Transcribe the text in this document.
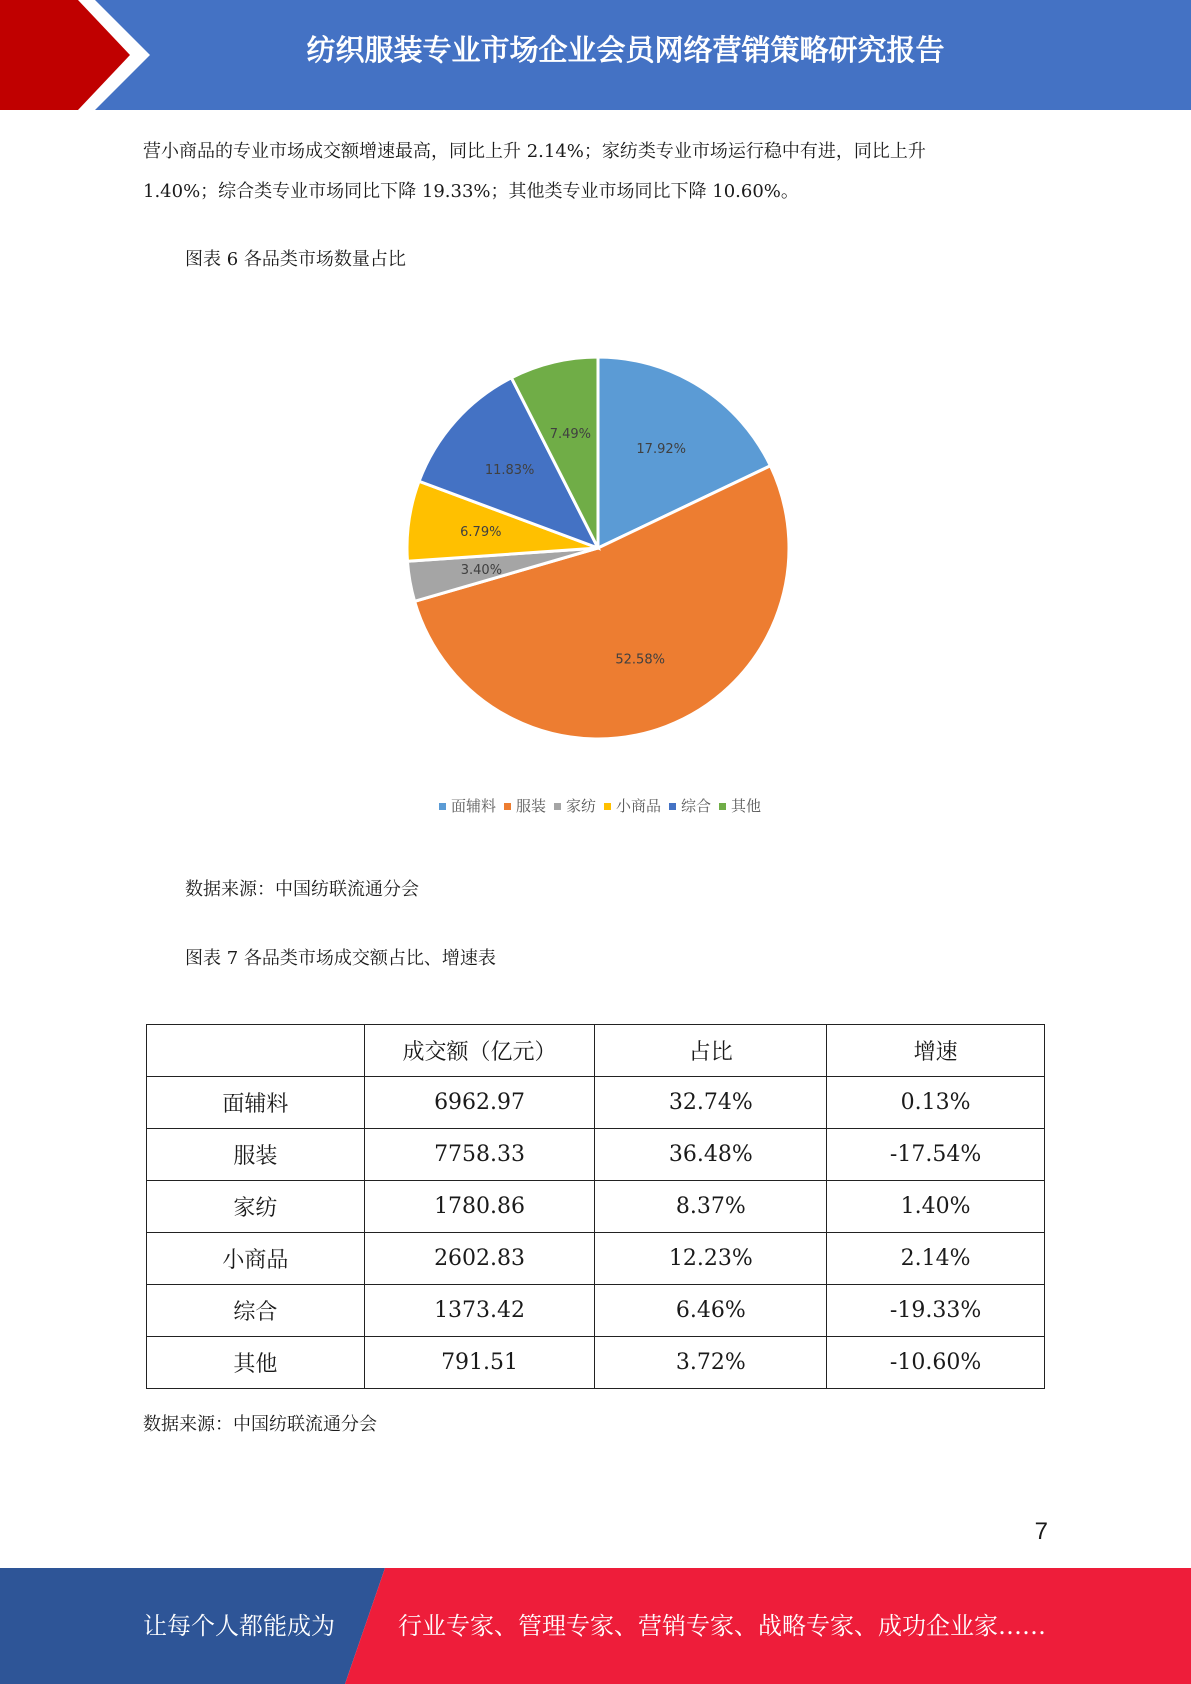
纺织服装专业市场企业会员网络营销策略研究报告

营小商品的专业市场成交额增速最高，同比上升 2.14%；家纺类专业市场运行稳中有进，同比上升
1.40%；综合类专业市场同比下降 19.33%；其他类专业市场同比下降 10.60%。

图表 6 各品类市场数量占比

17.92%
52.58%
3.40%
6.79%
11.83%
7.49%
面辅料 服装 家纺 小商品 综合 其他

数据来源：中国纺联流通分会

图表 7 各品类市场成交额占比、增速表

	成交额（亿元）	占比	增速
面辅料	6962.97	32.74%	0.13%
服装	7758.33	36.48%	-17.54%
家纺	1780.86	8.37%	1.40%
小商品	2602.83	12.23%	2.14%
综合	1373.42	6.46%	-19.33%
其他	791.51	3.72%	-10.60%

数据来源：中国纺联流通分会

7
让每个人都能成为	行业专家、管理专家、营销专家、战略专家、成功企业家……
